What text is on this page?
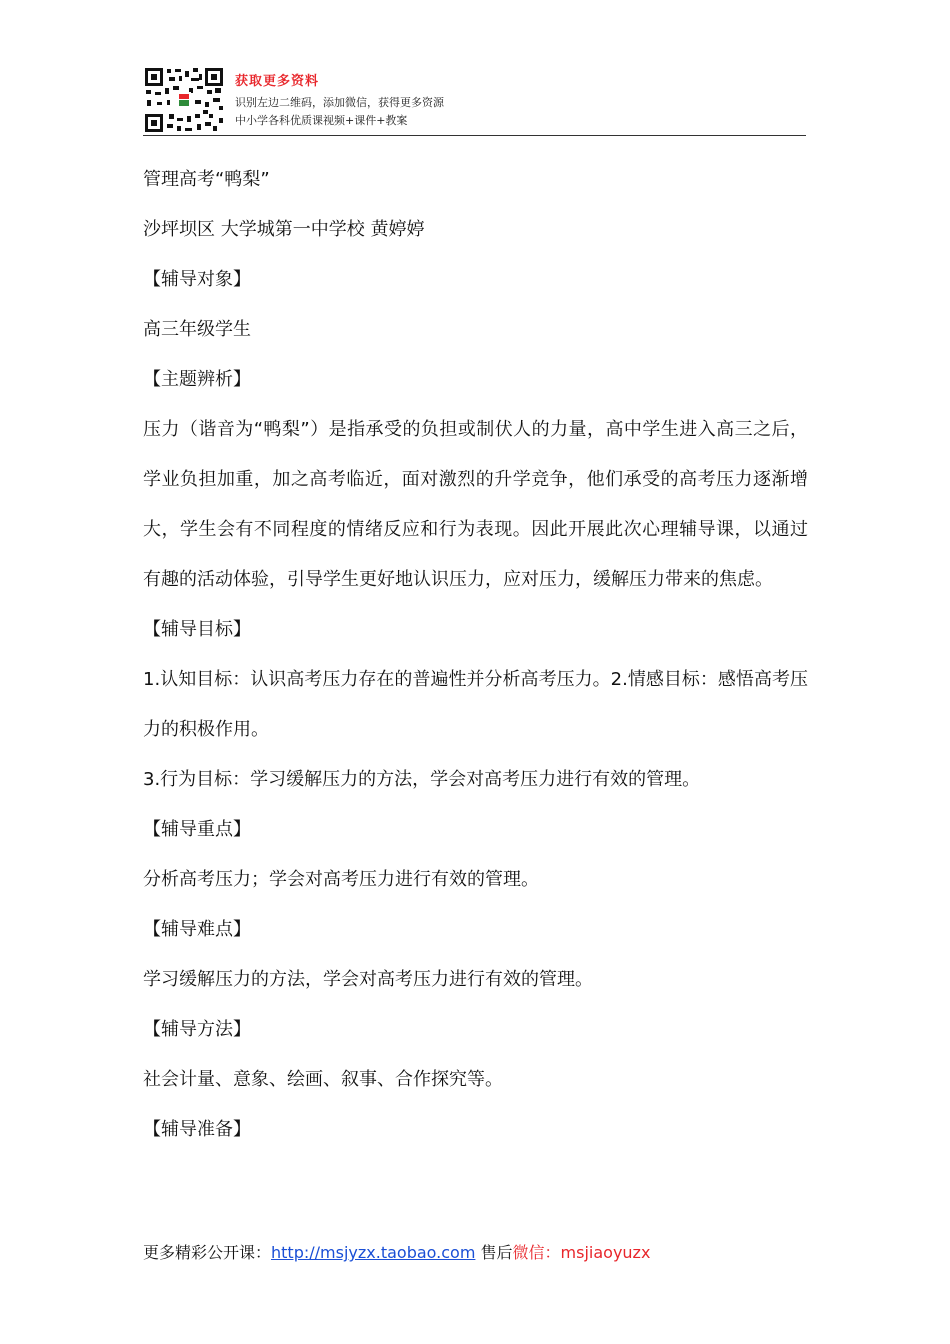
获取更多资料
识别左边二维码，添加微信，获得更多资源
中小学各科优质课视频+课件+教案

管理高考“鸭梨”

沙坪坝区 大学城第一中学校 黄婷婷

【辅导对象】

高三年级学生

【主题辨析】

压力（谐音为“鸭梨”）是指承受的负担或制伏人的力量，高中学生进入高三之后，学业负担加重，加之高考临近，面对激烈的升学竞争，他们承受的高考压力逐渐增大，学生会有不同程度的情绪反应和行为表现。因此开展此次心理辅导课，以通过有趣的活动体验，引导学生更好地认识压力，应对压力，缓解压力带来的焦虑。

【辅导目标】

1.认知目标：认识高考压力存在的普遍性并分析高考压力。2.情感目标：感悟高考压力的积极作用。

3.行为目标：学习缓解压力的方法，学会对高考压力进行有效的管理。

【辅导重点】

分析高考压力；学会对高考压力进行有效的管理。

【辅导难点】

学习缓解压力的方法，学会对高考压力进行有效的管理。

【辅导方法】

社会计量、意象、绘画、叙事、合作探究等。

【辅导准备】

更多精彩公开课：http://msjyzx.taobao.com 售后微信：msjiaoyuzx
